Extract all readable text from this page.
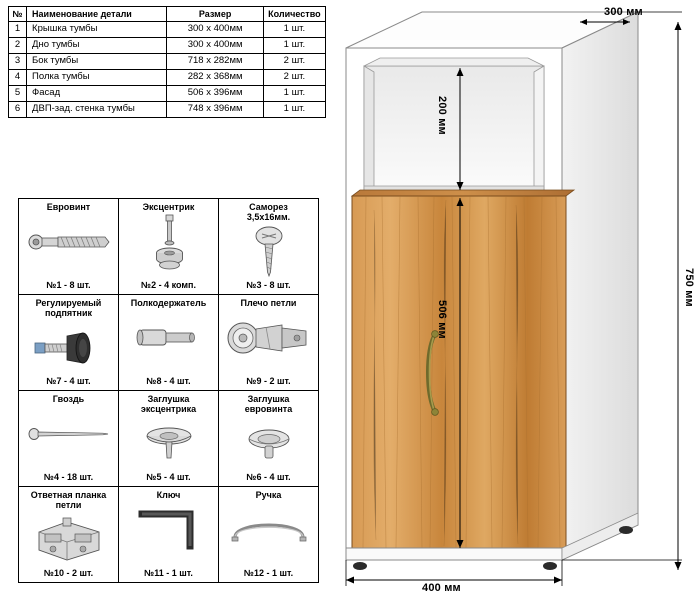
№	Наименование детали	Размер	Количество
1	Крышка тумбы	300 х 400мм	1 шт.
2	Дно тумбы	300 х 400мм	1 шт.
3	Бок тумбы	718 х 282мм	2 шт.
4	Полка тумбы	282 х 368мм	2 шт.
5	Фасад	506 х 396мм	1 шт.
6	ДВП-зад. стенка тумбы	748 х 396мм	1 шт.
Еврoвинт
№1 - 8 шт.

Эксцентрик
№2 - 4 комп.

Саморез
3,5х16мм.
№3 - 8 шт.

Регулируемый
подпятник
№7 - 4 шт.

Полкодержатель
№8 - 4 шт.

Плечо петли
№9 - 2 шт.

Гвоздь
№4 - 18 шт.

Заглушка
эксцентрика
№5 - 4 шт.

Заглушка
евровинта
№6 - 4 шт.

Ответная планка
петли
№10 - 2 шт.

Ключ
№11 - 1 шт.

Ручка
№12 - 1 шт.
300 мм
200 мм
506 мм
750 мм
400 мм
